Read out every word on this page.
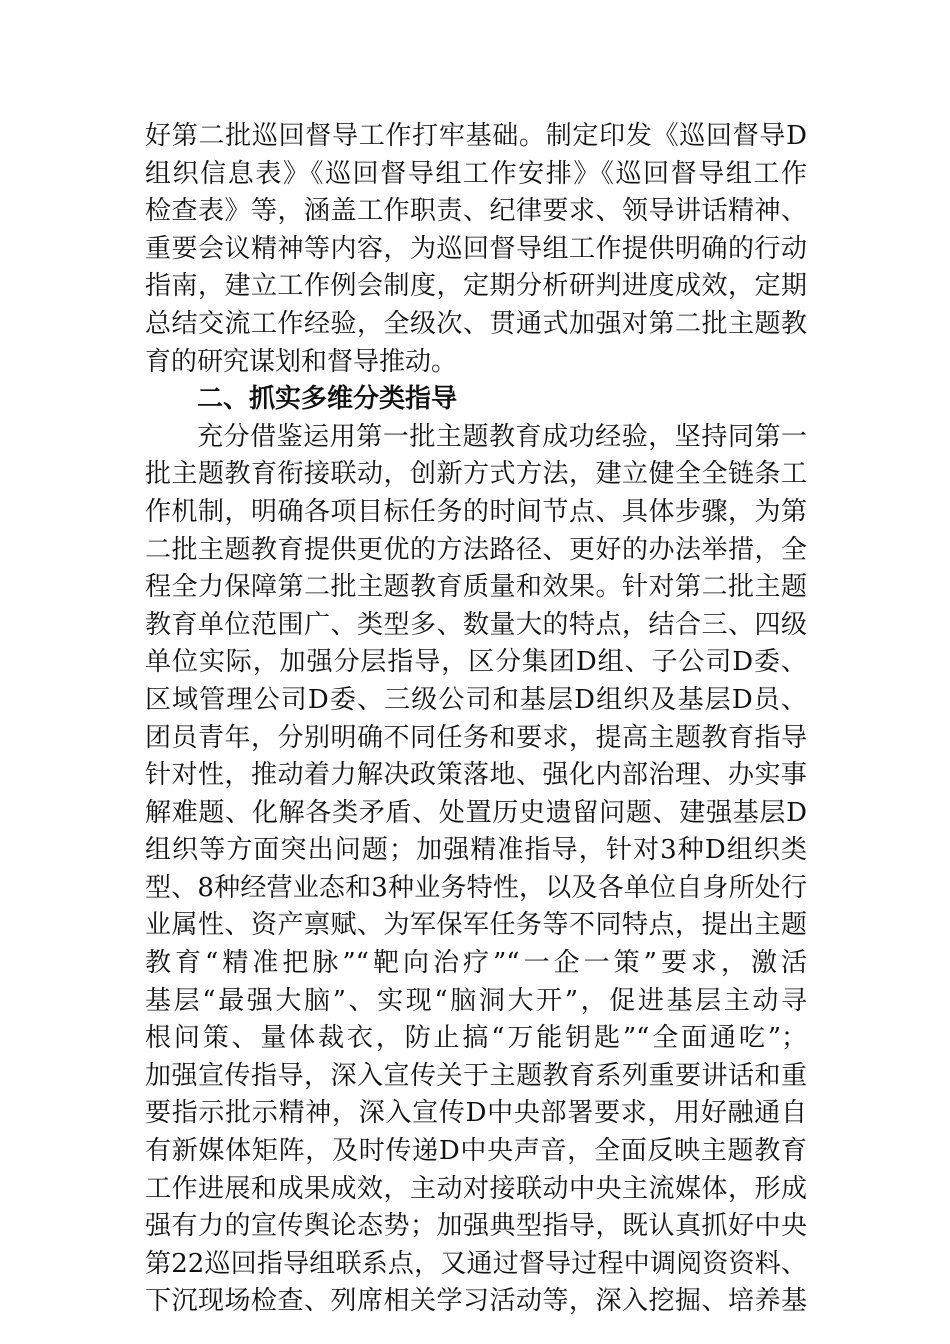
好第二批巡回督导工作打牢基础。制定印发《巡回督导D
组织信息表》《巡回督导组工作安排》《巡回督导组工作
检查表》等，涵盖工作职责、纪律要求、领导讲话精神、
重要会议精神等内容，为巡回督导组工作提供明确的行动
指南，建立工作例会制度，定期分析研判进度成效，定期
总结交流工作经验，全级次、贯通式加强对第二批主题教
育的研究谋划和督导推动。
二、抓实多维分类指导
充分借鉴运用第一批主题教育成功经验，坚持同第一
批主题教育衔接联动，创新方式方法，建立健全全链条工
作机制，明确各项目标任务的时间节点、具体步骤，为第
二批主题教育提供更优的方法路径、更好的办法举措，全
程全力保障第二批主题教育质量和效果。针对第二批主题
教育单位范围广、类型多、数量大的特点，结合三、四级
单位实际，加强分层指导，区分集团D组、子公司D委、
区域管理公司D委、三级公司和基层D组织及基层D员、
团员青年，分别明确不同任务和要求，提高主题教育指导
针对性，推动着力解决政策落地、强化内部治理、办实事
解难题、化解各类矛盾、处置历史遗留问题、建强基层D
组织等方面突出问题；加强精准指导，针对3种D组织类
型、8种经营业态和3种业务特性，以及各单位自身所处行
业属性、资产禀赋、为军保军任务等不同特点，提出主题
教育“精准把脉”“靶向治疗”“一企一策”要求，激活
基层“最强大脑”、实现“脑洞大开”，促进基层主动寻
根问策、量体裁衣，防止搞“万能钥匙”“全面通吃”；
加强宣传指导，深入宣传关于主题教育系列重要讲话和重
要指示批示精神，深入宣传D中央部署要求，用好融通自
有新媒体矩阵，及时传递D中央声音，全面反映主题教育
工作进展和成果成效，主动对接联动中央主流媒体，形成
强有力的宣传舆论态势；加强典型指导，既认真抓好中央
第22巡回指导组联系点，又通过督导过程中调阅资资料、
下沉现场检查、列席相关学习活动等，深入挖掘、培养基
